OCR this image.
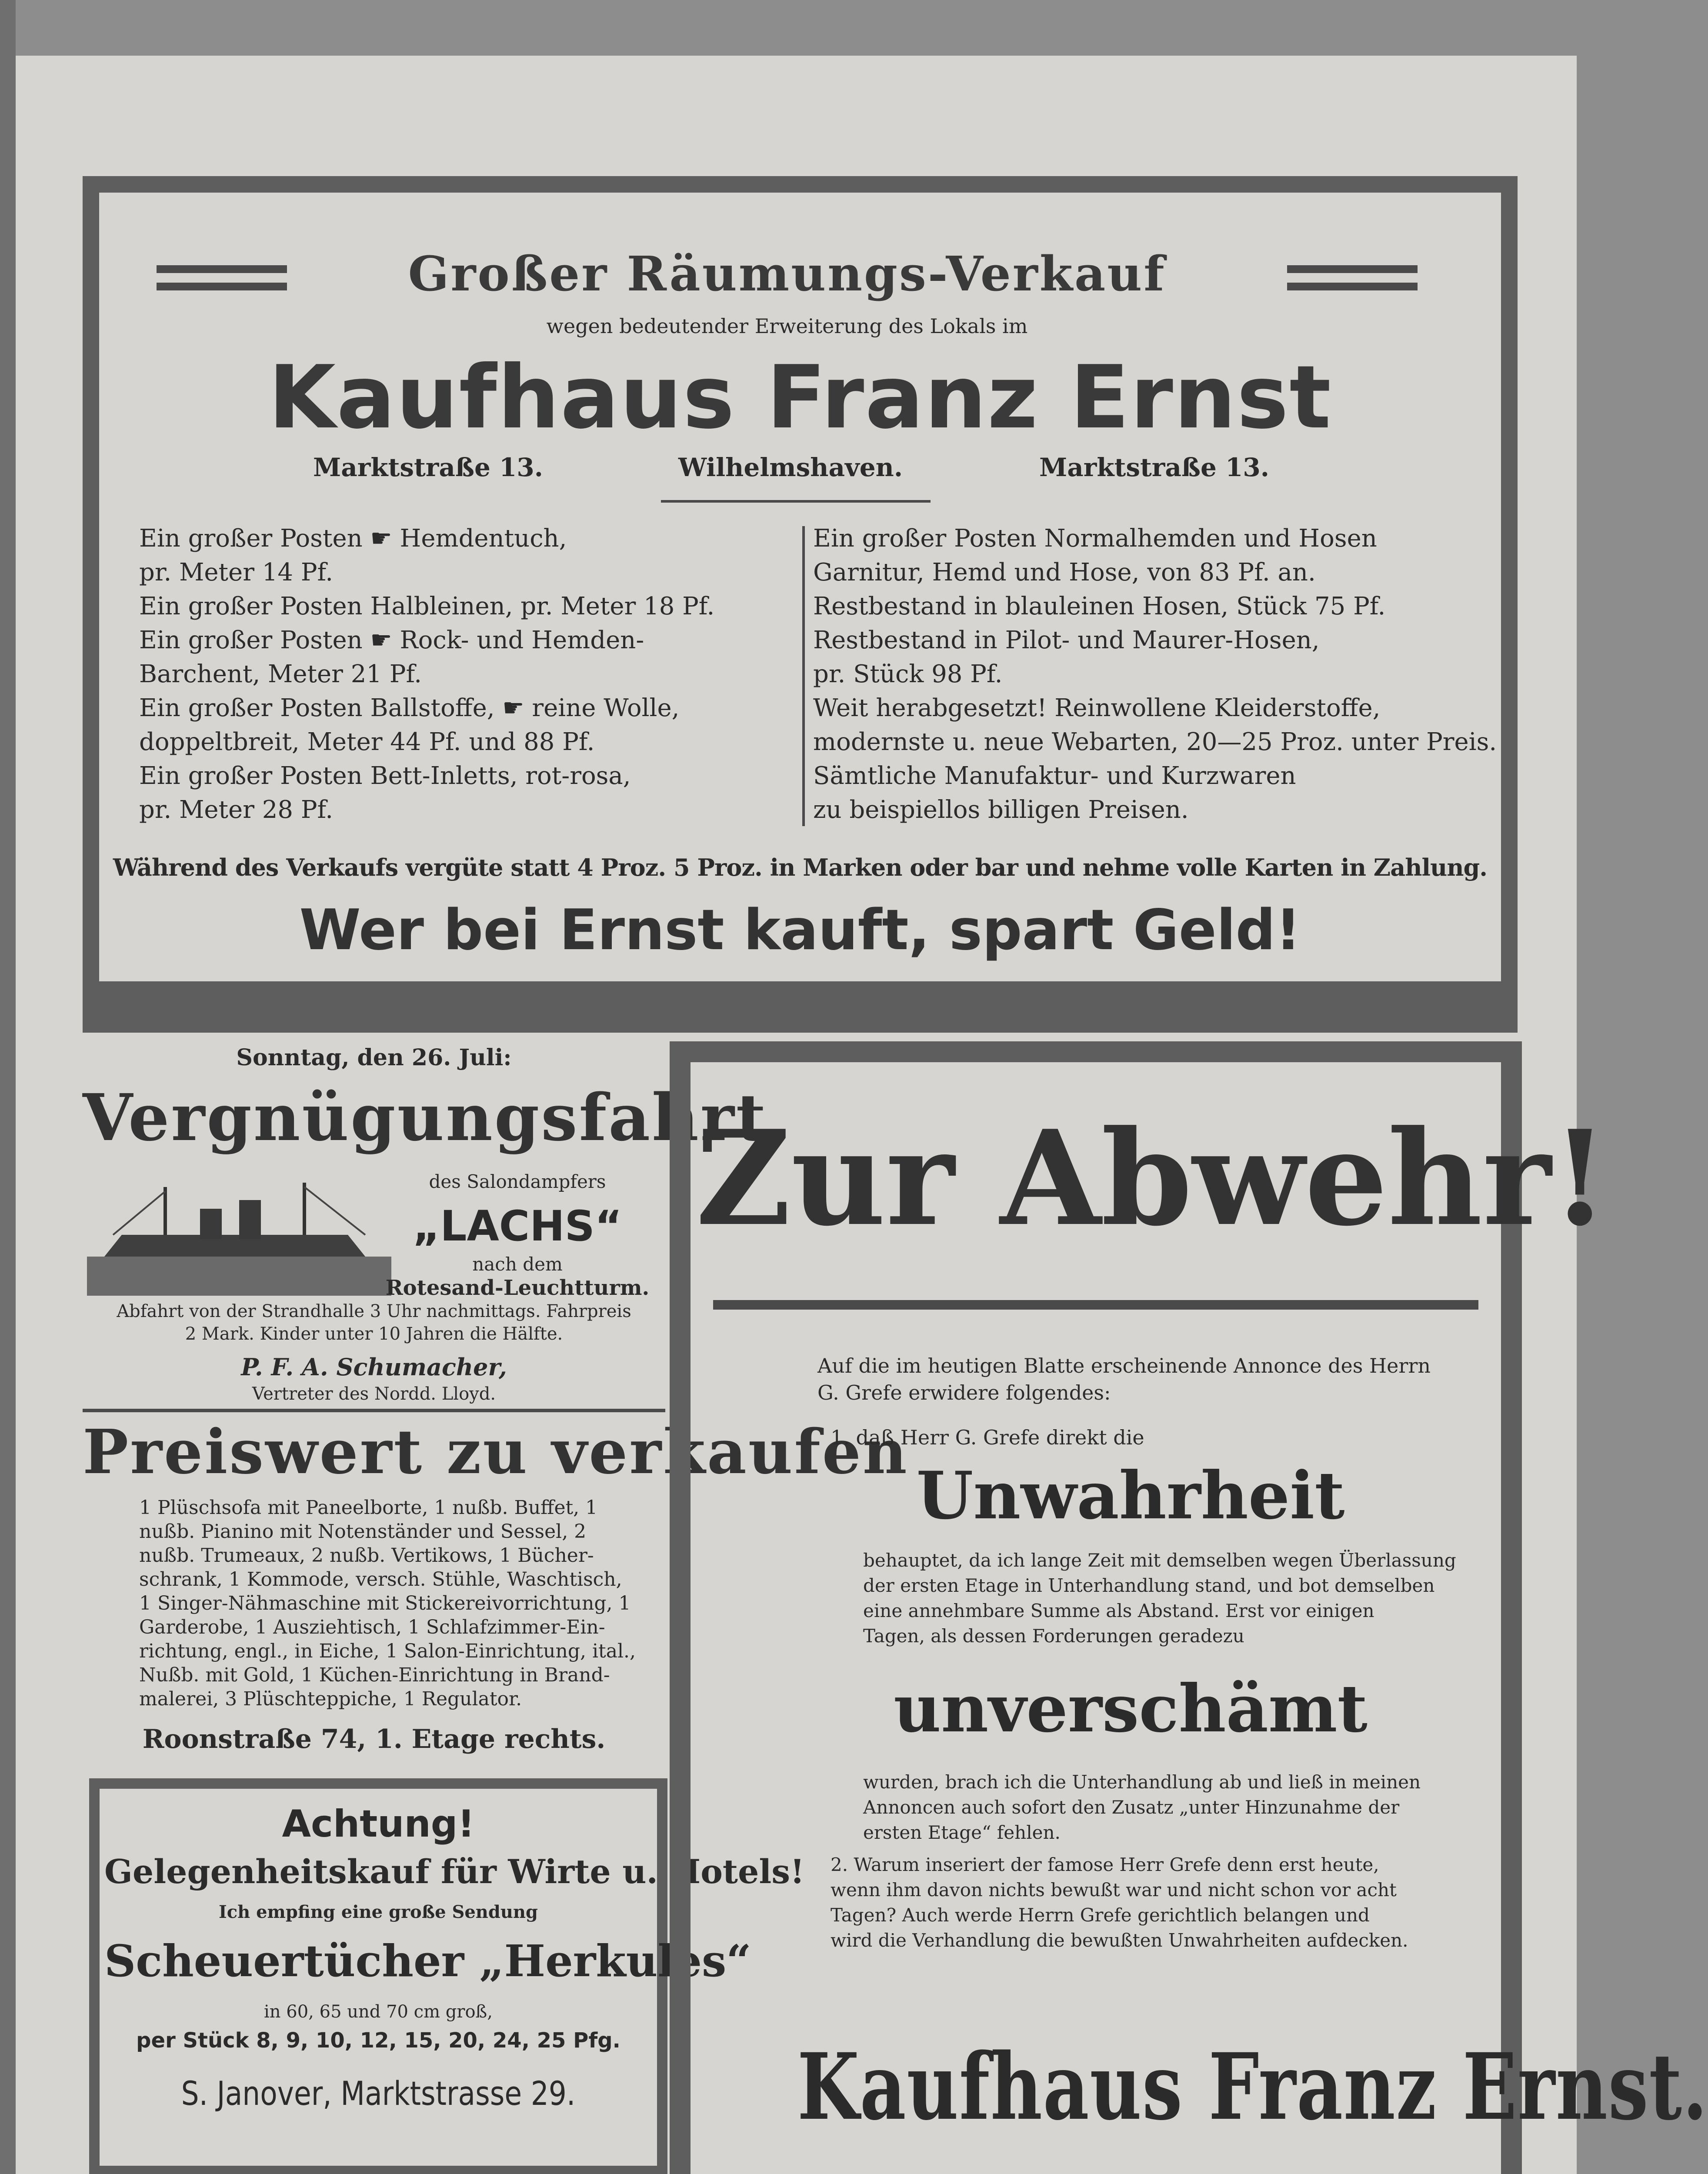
Großer Räumungs-Verkauf
wegen bedeutender Erweiterung des Lokals im
Kaufhaus Franz Ernst
Marktstraße 13.	Wilhelmshaven.	Marktstraße 13.
Ein großer Posten ☛ Hemdentuch,
pr. Meter 14 Pf.
Ein großer Posten Halbleinen, pr. Meter 18 Pf.
Ein großer Posten ☛ Rock- und Hemden-
Barchent, Meter 21 Pf.
Ein großer Posten Ballstoffe, ☛ reine Wolle,
doppeltbreit, Meter 44 Pf. und 88 Pf.
Ein großer Posten Bett-Inletts, rot-rosa,
pr. Meter 28 Pf.
Ein großer Posten Normalhemden und Hosen
Garnitur, Hemd und Hose, von 83 Pf. an.
Restbestand in blauleinen Hosen, Stück 75 Pf.
Restbestand in Pilot- und Maurer-Hosen,
pr. Stück 98 Pf.
Weit herabgesetzt! Reinwollene Kleiderstoffe,
modernste u. neue Webarten, 20—25 Proz. unter Preis.
Sämtliche Manufaktur- und Kurzwaren
zu beispiellos billigen Preisen.
Während des Verkaufs vergüte statt 4 Proz. 5 Proz. in Marken oder bar und nehme volle Karten in Zahlung.
Wer bei Ernst kauft, spart Geld!
Sonntag, den 26. Juli:
Vergnügungsfahrt
des Salondampfers
„LACHS“
nach dem
Rotesand-Leuchtturm.
Abfahrt von der Strandhalle 3 Uhr nachmittags. Fahrpreis
2 Mark. Kinder unter 10 Jahren die Hälfte.
P. F. A. Schumacher,
Vertreter des Nordd. Lloyd.
Preiswert zu verkaufen
1 Plüschsofa mit Paneelborte, 1 nußb. Buffet, 1
nußb. Pianino mit Notenständer und Sessel, 2
nußb. Trumeaux, 2 nußb. Vertikows, 1 Bücher-
schrank, 1 Kommode, versch. Stühle, Waschtisch,
1 Singer-Nähmaschine mit Stickereivorrichtung, 1
Garderobe, 1 Ausziehtisch, 1 Schlafzimmer-Ein-
richtung, engl., in Eiche, 1 Salon-Einrichtung, ital.,
Nußb. mit Gold, 1 Küchen-Einrichtung in Brand-
malerei, 3 Plüschteppiche, 1 Regulator.
Roonstraße 74, 1. Etage rechts.
Achtung!
Gelegenheitskauf für Wirte u. Hotels!
Ich empfing eine große Sendung
Scheuertücher „Herkules“
in 60, 65 und 70 cm groß,
per Stück 8, 9, 10, 12, 15, 20, 24, 25 Pfg.
S. Janover, Marktstrasse 29.
Zur Abwehr!
Auf die im heutigen Blatte erscheinende Annonce des Herrn
G. Grefe erwidere folgendes:
1. daß Herr G. Grefe direkt die
Unwahrheit
behauptet, da ich lange Zeit mit demselben wegen Überlassung
der ersten Etage in Unterhandlung stand, und bot demselben
eine annehmbare Summe als Abstand. Erst vor einigen
Tagen, als dessen Forderungen geradezu
unverschämt
wurden, brach ich die Unterhandlung ab und ließ in meinen
Annoncen auch sofort den Zusatz „unter Hinzunahme der
ersten Etage“ fehlen.
2. Warum inseriert der famose Herr Grefe denn erst heute,
wenn ihm davon nichts bewußt war und nicht schon vor acht
Tagen? Auch werde Herrn Grefe gerichtlich belangen und
wird die Verhandlung die bewußten Unwahrheiten aufdecken.
Kaufhaus Franz Ernst.
